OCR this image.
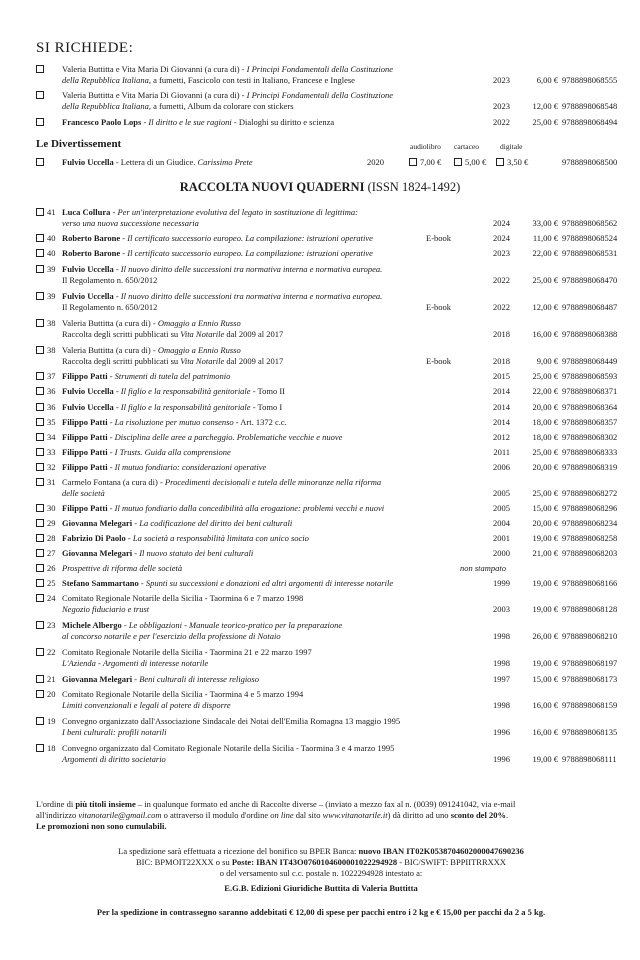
SI RICHIEDE:
Valeria Buttitta e Vita Maria Di Giovanni (a cura di) - I Principi Fondamentali della Costituzione
della Repubblica Italiana, a fumetti, Fascicolo con testi in Italiano, Francese e Inglese	2023	6,00 € 9788898068555
Valeria Buttitta e Vita Maria Di Giovanni (a cura di) - I Principi Fondamentali della Costituzione
della Repubblica Italiana, a fumetti, Album da colorare con stickers	2023	12,00 € 9788898068548
Francesco Paolo Lops - Il diritto e le sue ragioni - Dialoghi su diritto e scienza	2022	25,00 € 9788898068494
Le Divertissement	audiolibro cartaceo	digitale
Fulvio Uccella - Lettera di un Giudice. Carissimo Prete	2020	7,00 €	5,00 € 3,50 €	9788898068500
RACCOLTA NUOVI QUADERNI (ISSN 1824-1492)
41 Luca Collura - Per un'interpretazione evolutiva del legato in sostituzione di legittima:
verso una nuova successione necessaria	2024	33,00 € 9788898068562
40 Roberto Barone - Il certificato successorio europeo. La compilazione: istruzioni operative	E-book	2024	11,00 € 9788898068524
40 Roberto Barone - Il certificato successorio europeo. La compilazione: istruzioni operative	2023	22,00 € 9788898068531
39 Fulvio Uccella - Il nuovo diritto delle successioni tra normativa interna e normativa europea.
Il Regolamento n. 650/2012	2022	25,00 € 9788898068470
39 Fulvio Uccella - Il nuovo diritto delle successioni tra normativa interna e normativa europea.
Il Regolamento n. 650/2012	E-book	2022	12,00 € 9788898068487
38 Valeria Buttitta (a cura di) - Omaggio a Ennio Russo
Raccolta degli scritti pubblicati su Vita Notarile dal 2009 al 2017	2018	16,00 € 9788898068388
38 Valeria Buttitta (a cura di) - Omaggio a Ennio Russo
Raccolta degli scritti pubblicati su Vita Notarile dal 2009 al 2017	E-book	2018	9,00 € 9788898068449
37 Filippo Patti - Strumenti di tutela del patrimonio	2015	25,00 € 9788898068593
36 Fulvio Uccella - Il figlio e la responsabilità genitoriale - Tomo II	2014	22,00 € 9788898068371
36 Fulvio Uccella - Il figlio e la responsabilità genitoriale - Tomo I	2014	20,00 € 9788898068364
35 Filippo Patti - La risoluzione per mutuo consenso - Art. 1372 c.c.	2014	18,00 € 9788898068357
34 Filippo Patti - Disciplina delle aree a parcheggio. Problematiche vecchie e nuove	2012	18,00 € 9788898068302
33 Filippo Patti - I Trusts. Guida alla comprensione	2011	25,00 € 9788898068333
32 Filippo Patti - Il mutuo fondiario: considerazioni operative	2006	20,00 € 9788898068319
31 Carmelo Fontana (a cura di) - Procedimenti decisionali e tutela delle minoranze nella riforma
delle società	2005	25,00 € 9788898068272
30 Filippo Patti - Il mutuo fondiario dalla concedibilità alla erogazione: problemi vecchi e nuovi	2005	15,00 € 9788898068296
29 Giovanna Melegari - La codificazione del diritto dei beni culturali	2004	20,00 € 9788898068234
28 Fabrizio Di Paolo - La società a responsabilità limitata con unico socio	2001	19,00 € 9788898068258
27 Giovanna Melegari - Il nuovo statuto dei beni culturali	2000	21,00 € 9788898068203
26 Prospettive di riforma delle società	non stampato
25 Stefano Sammartano - Spunti su successioni e donazioni ed altri argomenti di interesse notarile	1999	19,00 € 9788898068166
24 Comitato Regionale Notarile della Sicilia - Taormina 6 e 7 marzo 1998
Negozio fiduciario e trust	2003	19,00 € 9788898068128
23 Michele Albergo - Le obbligazioni - Manuale teorico-pratico per la preparazione
al concorso notarile e per l'esercizio della professione di Notaio	1998	26,00 € 9788898068210
22 Comitato Regionale Notarile della Sicilia - Taormina 21 e 22 marzo 1997
L'Azienda - Argomenti di interesse notarile	1998	19,00 € 9788898068197
21 Giovanna Melegari - Beni culturali di interesse religioso	1997	15,00 € 9788898068173
20 Comitato Regionale Notarile della Sicilia - Taormina 4 e 5 marzo 1994
Limiti convenzionali e legali al potere di disporre	1998	16,00 € 9788898068159
19 Convegno organizzato dall'Associazione Sindacale dei Notai dell'Emilia Romagna 13 maggio 1995
I beni culturali: profili notarili	1996	16,00 € 9788898068135
18 Convegno organizzato dal Comitato Regionale Notarile della Sicilia - Taormina 3 e 4 marzo 1995
Argomenti di diritto societario	1996	19,00 € 9788898068111
L'ordine di più titoli insieme – in qualunque formato ed anche di Raccolte diverse – (inviato a mezzo fax al n. (0039) 091241042, via e-mail
all'indirizzo vitanotarile@gmail.com o attraverso il modulo d'ordine on line dal sito www.vitanotarile.it) dà diritto ad uno sconto del 20%.
Le promozioni non sono cumulabili.
La spedizione sarà effettuata a ricezione del bonifico su BPER Banca: nuovo IBAN IT02K0538704602000047690236
BIC: BPMOIT22XXX o su Poste: IBAN IT43O0760104600001022294928 - BIC/SWIFT: BPPIITRRXXX
o del versamento sul c.c. postale n. 1022294928 intestato a:
E.G.B. Edizioni Giuridiche Buttita di Valeria Buttitta
Per la spedizione in contrassegno saranno addebitati € 12,00 di spese per pacchi entro i 2 kg e € 15,00 per pacchi da 2 a 5 kg.
